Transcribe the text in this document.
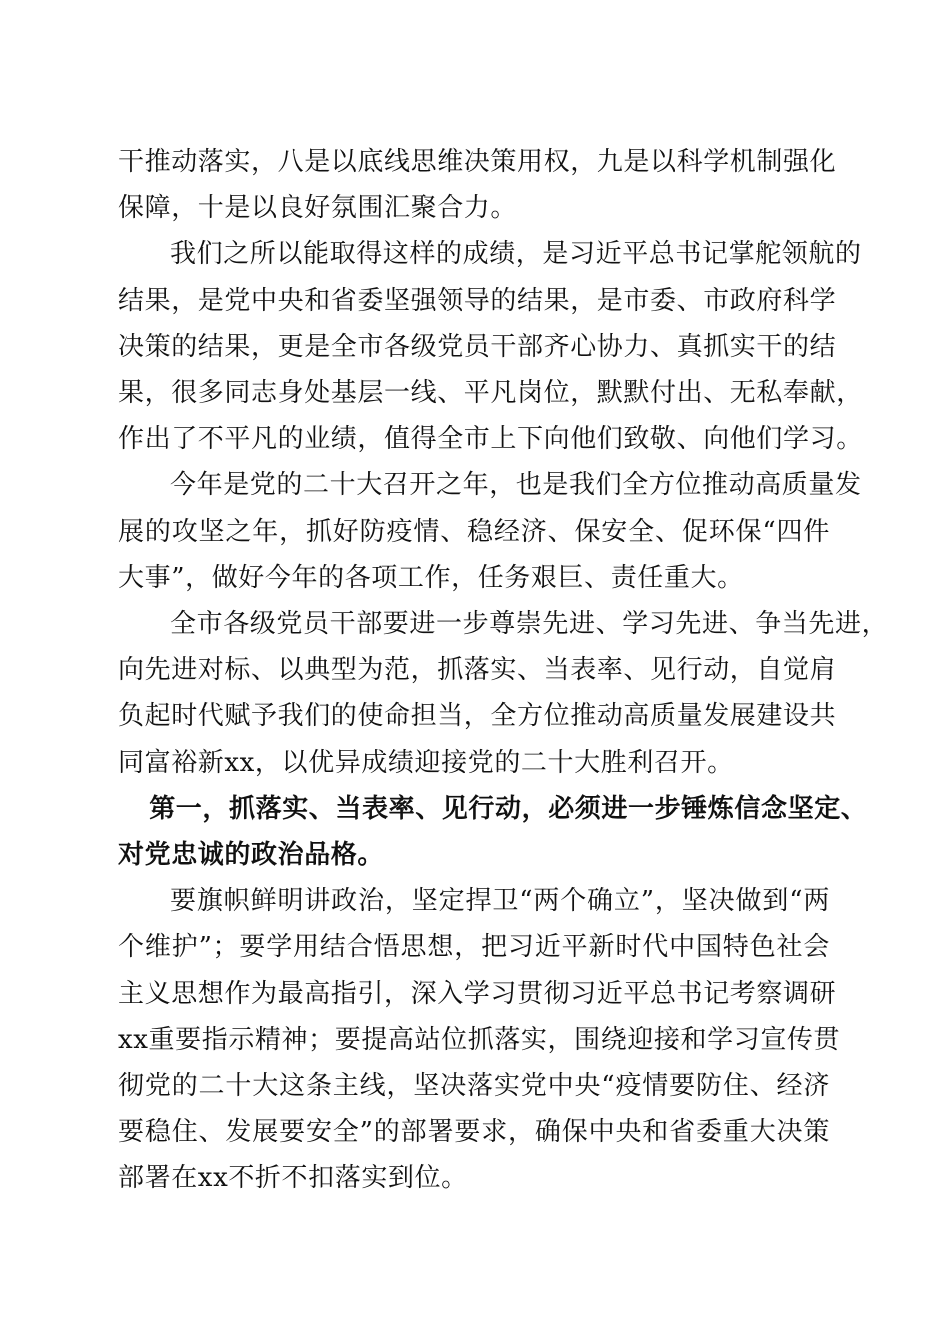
干推动落实，八是以底线思维决策用权，九是以科学机制强化
保障，十是以良好氛围汇聚合力。
我们之所以能取得这样的成绩，是习近平总书记掌舵领航的
结果，是党中央和省委坚强领导的结果，是市委、市政府科学
决策的结果，更是全市各级党员干部齐心协力、真抓实干的结
果，很多同志身处基层一线、平凡岗位，默默付出、无私奉献，
作出了不平凡的业绩，值得全市上下向他们致敬、向他们学习。
今年是党的二十大召开之年，也是我们全方位推动高质量发
展的攻坚之年，抓好防疫情、稳经济、保安全、促环保“四件
大事”，做好今年的各项工作，任务艰巨、责任重大。
全市各级党员干部要进一步尊崇先进、学习先进、争当先进，
向先进对标、以典型为范，抓落实、当表率、见行动，自觉肩
负起时代赋予我们的使命担当，全方位推动高质量发展建设共
同富裕新xx，以优异成绩迎接党的二十大胜利召开。
第一，抓落实、当表率、见行动，必须进一步锤炼信念坚定、
对党忠诚的政治品格。
要旗帜鲜明讲政治，坚定捍卫“两个确立”，坚决做到“两
个维护”；要学用结合悟思想，把习近平新时代中国特色社会
主义思想作为最高指引，深入学习贯彻习近平总书记考察调研
xx重要指示精神；要提高站位抓落实，围绕迎接和学习宣传贯
彻党的二十大这条主线，坚决落实党中央“疫情要防住、经济
要稳住、发展要安全”的部署要求，确保中央和省委重大决策
部署在xx不折不扣落实到位。
